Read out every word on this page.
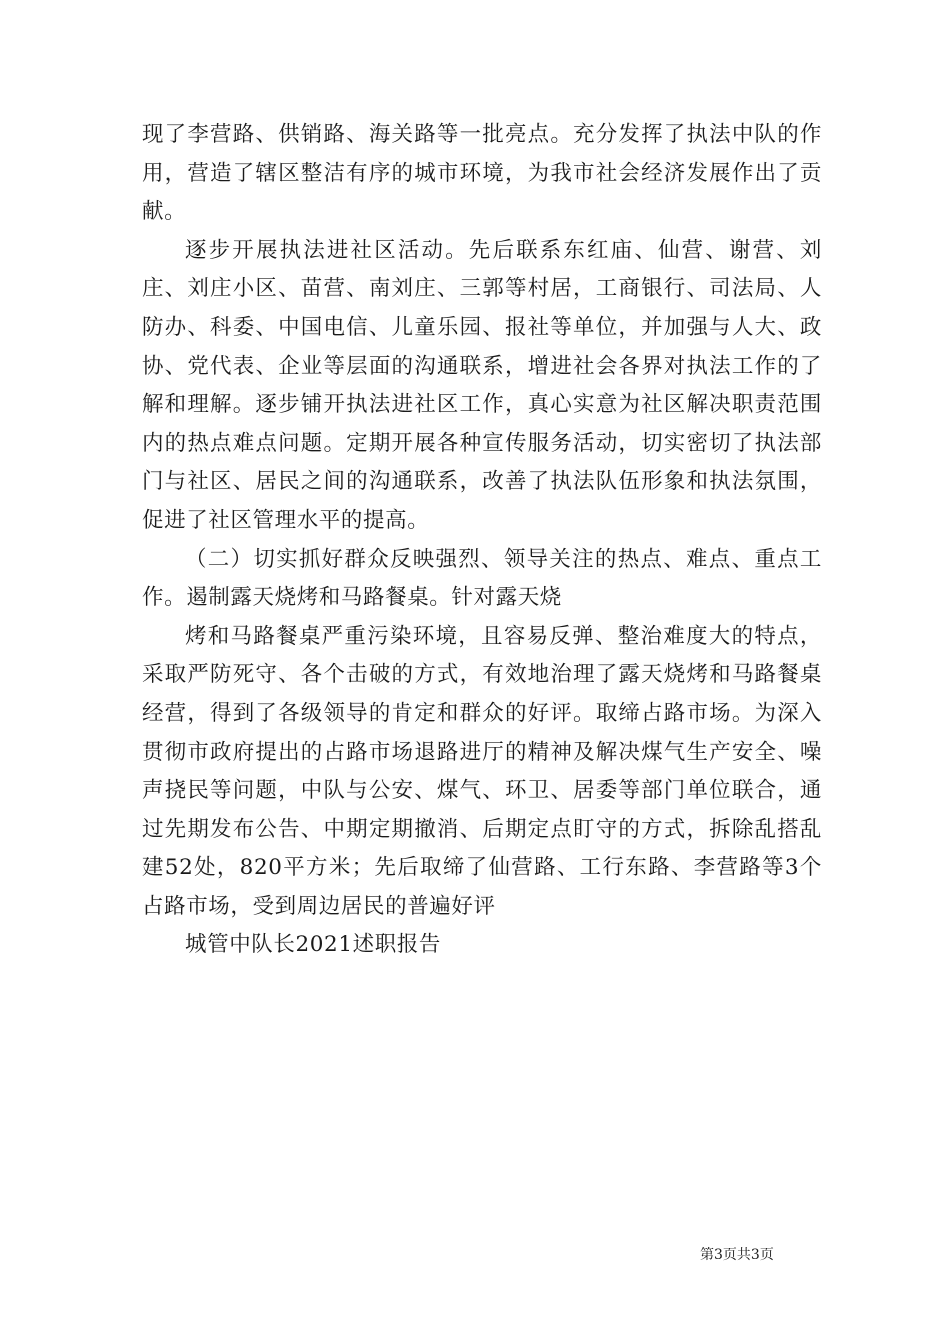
现了李营路、供销路、海关路等一批亮点。充分发挥了执法中队的作用，营造了辖区整洁有序的城市环境，为我市社会经济发展作出了贡献。

逐步开展执法进社区活动。先后联系东红庙、仙营、谢营、刘庄、刘庄小区、苗营、南刘庄、三郭等村居，工商银行、司法局、人防办、科委、中国电信、儿童乐园、报社等单位，并加强与人大、政协、党代表、企业等层面的沟通联系，增进社会各界对执法工作的了解和理解。逐步铺开执法进社区工作，真心实意为社区解决职责范围内的热点难点问题。定期开展各种宣传服务活动，切实密切了执法部门与社区、居民之间的沟通联系，改善了执法队伍形象和执法氛围，促进了社区管理水平的提高。

（二）切实抓好群众反映强烈、领导关注的热点、难点、重点工作。遏制露天烧烤和马路餐桌。针对露天烧

烤和马路餐桌严重污染环境，且容易反弹、整治难度大的特点，采取严防死守、各个击破的方式，有效地治理了露天烧烤和马路餐桌经营，得到了各级领导的肯定和群众的好评。取缔占路市场。为深入贯彻市政府提出的占路市场退路进厅的精神及解决煤气生产安全、噪声挠民等问题，中队与公安、煤气、环卫、居委等部门单位联合，通过先期发布公告、中期定期撤消、后期定点盯守的方式，拆除乱搭乱建52处，820平方米；先后取缔了仙营路、工行东路、李营路等3个占路市场，受到周边居民的普遍好评

城管中队长2021述职报告

第3页共3页
